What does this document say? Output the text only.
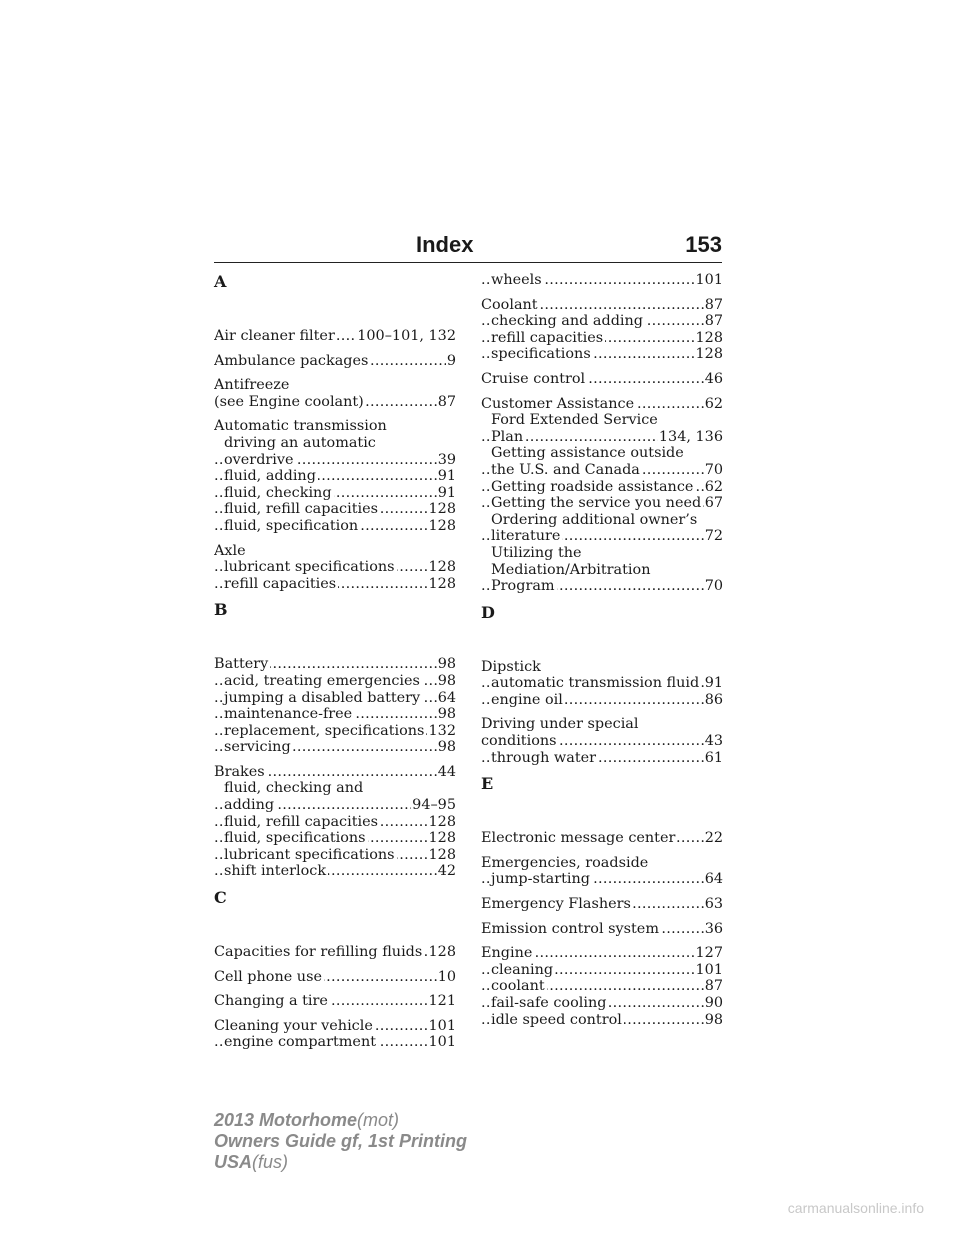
Index	153
A
..... Air cleaner filter 100–101, 132
..... Ambulance packages	9
Antifreeze
..... (see Engine coolant)	87
Automatic transmission
driving an automatic
..... overdrive	39
..... fluid, adding	91
..... fluid, checking	91
..... fluid, refill capacities	128
..... fluid, specification	128
Axle
..... lubricant specifications 128
..... refill capacities	128
B
..... Battery	98
..... acid, treating emergencies 98
..... jumping a disabled battery 64
..... maintenance-free	98
..... replacement, specifications 132
..... servicing	98
..... Brakes	44
fluid, checking and
..... adding	94–95
..... fluid, refill capacities	128
..... fluid, specifications	128
..... lubricant specifications 128
..... shift interlock	42
C
..... Capacities for refilling fluids 128
..... Cell phone use	10
..... Changing a tire	121
..... Cleaning your vehicle	101
..... engine compartment	101
..... wheels	101
..... Coolant	87
..... checking and adding	87
..... refill capacities	128
..... specifications	128
..... Cruise control	46
..... Customer Assistance	62
Ford Extended Service
..... Plan	134, 136
Getting assistance outside
..... the U.S. and Canada	70
..... Getting roadside assistance 62
..... Getting the service you need 67
Ordering additional owner’s
..... literature	72
Utilizing the
Mediation/Arbitration
..... Program	70
D
Dipstick
..... automatic transmission fluid 91
..... engine oil	86
Driving under special
..... conditions	43
..... through water	61
E
..... Electronic message center 22
Emergencies, roadside
..... jump-starting	64
..... Emergency Flashers	63
..... Emission control system	36
..... Engine	127
..... cleaning	101
..... coolant	87
..... fail-safe cooling	90
..... idle speed control	98
2013 Motorhome(mot)
Owners Guide gf, 1st Printing
USA(fus)
carmanualsonline.info
